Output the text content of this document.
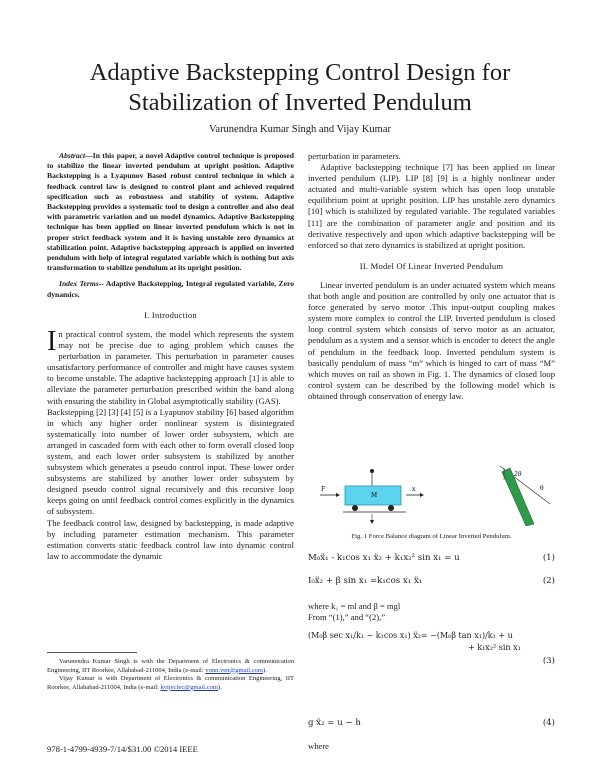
Adaptive Backstepping Control Design for
Stabilization of Inverted Pendulum
Varunendra Kumar Singh and Vijay Kumar

Abstract—In this paper, a novel Adaptive control technique is proposed to stabilize the linear inverted pendulum at upright position. Adaptive Backstepping is a Lyapunov Based robust control technique in which a feedback control law is designed to control plant and achieved required specification such as robustness and stability of system. Adaptive Backstepping provides a systematic tool to design a controller and also deal with parametric variation and un model dynamics. Adaptive Backstepping technique has been applied on linear inverted pendulum which is not in proper strict feedback system and it is having unstable zero dynamics at stabilization point. Adaptive backstepping approach is applied on inverted pendulum with help of integral regulated variable which is nothing but axis transformation to stabilize pendulum at its upright position.

Index Terms-- Adaptive Backstepping, Integral regulated variable, Zero dynamics.

I. Introduction

In practical control system, the model which represents the system may not be precise due to aging problem which causes the perturbation in parameter. This perturbation in parameter causes unsatisfactory performance of controller and might have causes system to become unstable. The adaptive backstepping approach [1] is able to alleviate the parameter perturbation prescribed within the band along with ensuring the stability in Global asymptotically stability (GAS).

Backstepping [2] [3] [4] [5] is a Lyapunov stability [6] based algorithm in which any higher order nonlinear system is disintegrated systematically into number of lower order subsystem, which are arranged in cascaded form with each other to form overall closed loop system, and each lower order subsystem is stabilized by another subsystem which generates a pseudo control input. These lower order subsystems are stabilized by another lower order subsystem by designed pseudo control signal recursively and this recursive loop keeps going on until feedback control comes explicitly in the dynamics of subsystem.

The feedback control law, designed by backstepping, is made adaptive by including parameter estimation mechanism. This parameter estimation converts static feedback control law into dynamic control law to accommodate the dynamic

Varunendra Kumar Singh is with the Department of Electronics & communication Engineering, IIT Roorkee, Allahabad-211004, India (e-mail: vonn.ven@gmail.com).

Vijay Kumar is with Department of Electronics & communication Engineering, IIT Roorkee, Allahabad-211004, India (e-mail: kvijecfec@gmail.com).

978-1-4799-4939-7/14/$31.00 ©2014 IEEE

perturbation in parameters.

Adaptive backstepping technique [7] has been applied on linear inverted pendulum (LIP). LIP [8] [9] is a highly nonlinear under actuated and multi-variable system which has open loop unstable equilibrium point at upright position. LIP has unstable zero dynamics [10] which is stabilized by regulated variable. The regulated variables [11] are the combination of parameter angle and position and its derivative respectively and upon which adaptive backstepping will be enforced so that zero dynamics is stabilized at upright position.

II. Model Of Linear Inverted Pendulum

Linear inverted pendulum is an under actuated system which means that both angle and position are controlled by only one actuator that is force generated by servo motor .This input-output coupling makes system more complex to control the LIP. Inverted pendulum is closed loop control system which consists of servo motor as an actuator, pendulum as a system and a sensor which is encoder to detect the angle of pendulum in the feedback loop. Inverted pendulum system is basically pendulum of mass “m” which is hinged to cart of mass “M” which moves on rail as shown in Fig. 1. The dynamics of closed loop control system can be described by the following model which is obtained through conservation of energy law.

F
M
x
2θ
θ
Fig. 1 Force Balance diagram of Linear Inverted Pendulum.
M₀ẍ₁ - k₁cos x₁ ẍ₂ + k₁x₂² sin x₁ = u	(1)
I₀ẍ₂ + β sin x₁ =k₁cos x₁ ẍ₁	(2)
where k₁ = ml and β = mgl
From “(1),” and “(2),”
(M₀β sec x₁/k₁ − k₁cos x₁) ẍ₂= −(M₀β tan x₁)/k₁ + u
+ k₁x₂² sin x₁
(3)
g ẍ₂ = u − h	(4)
where
